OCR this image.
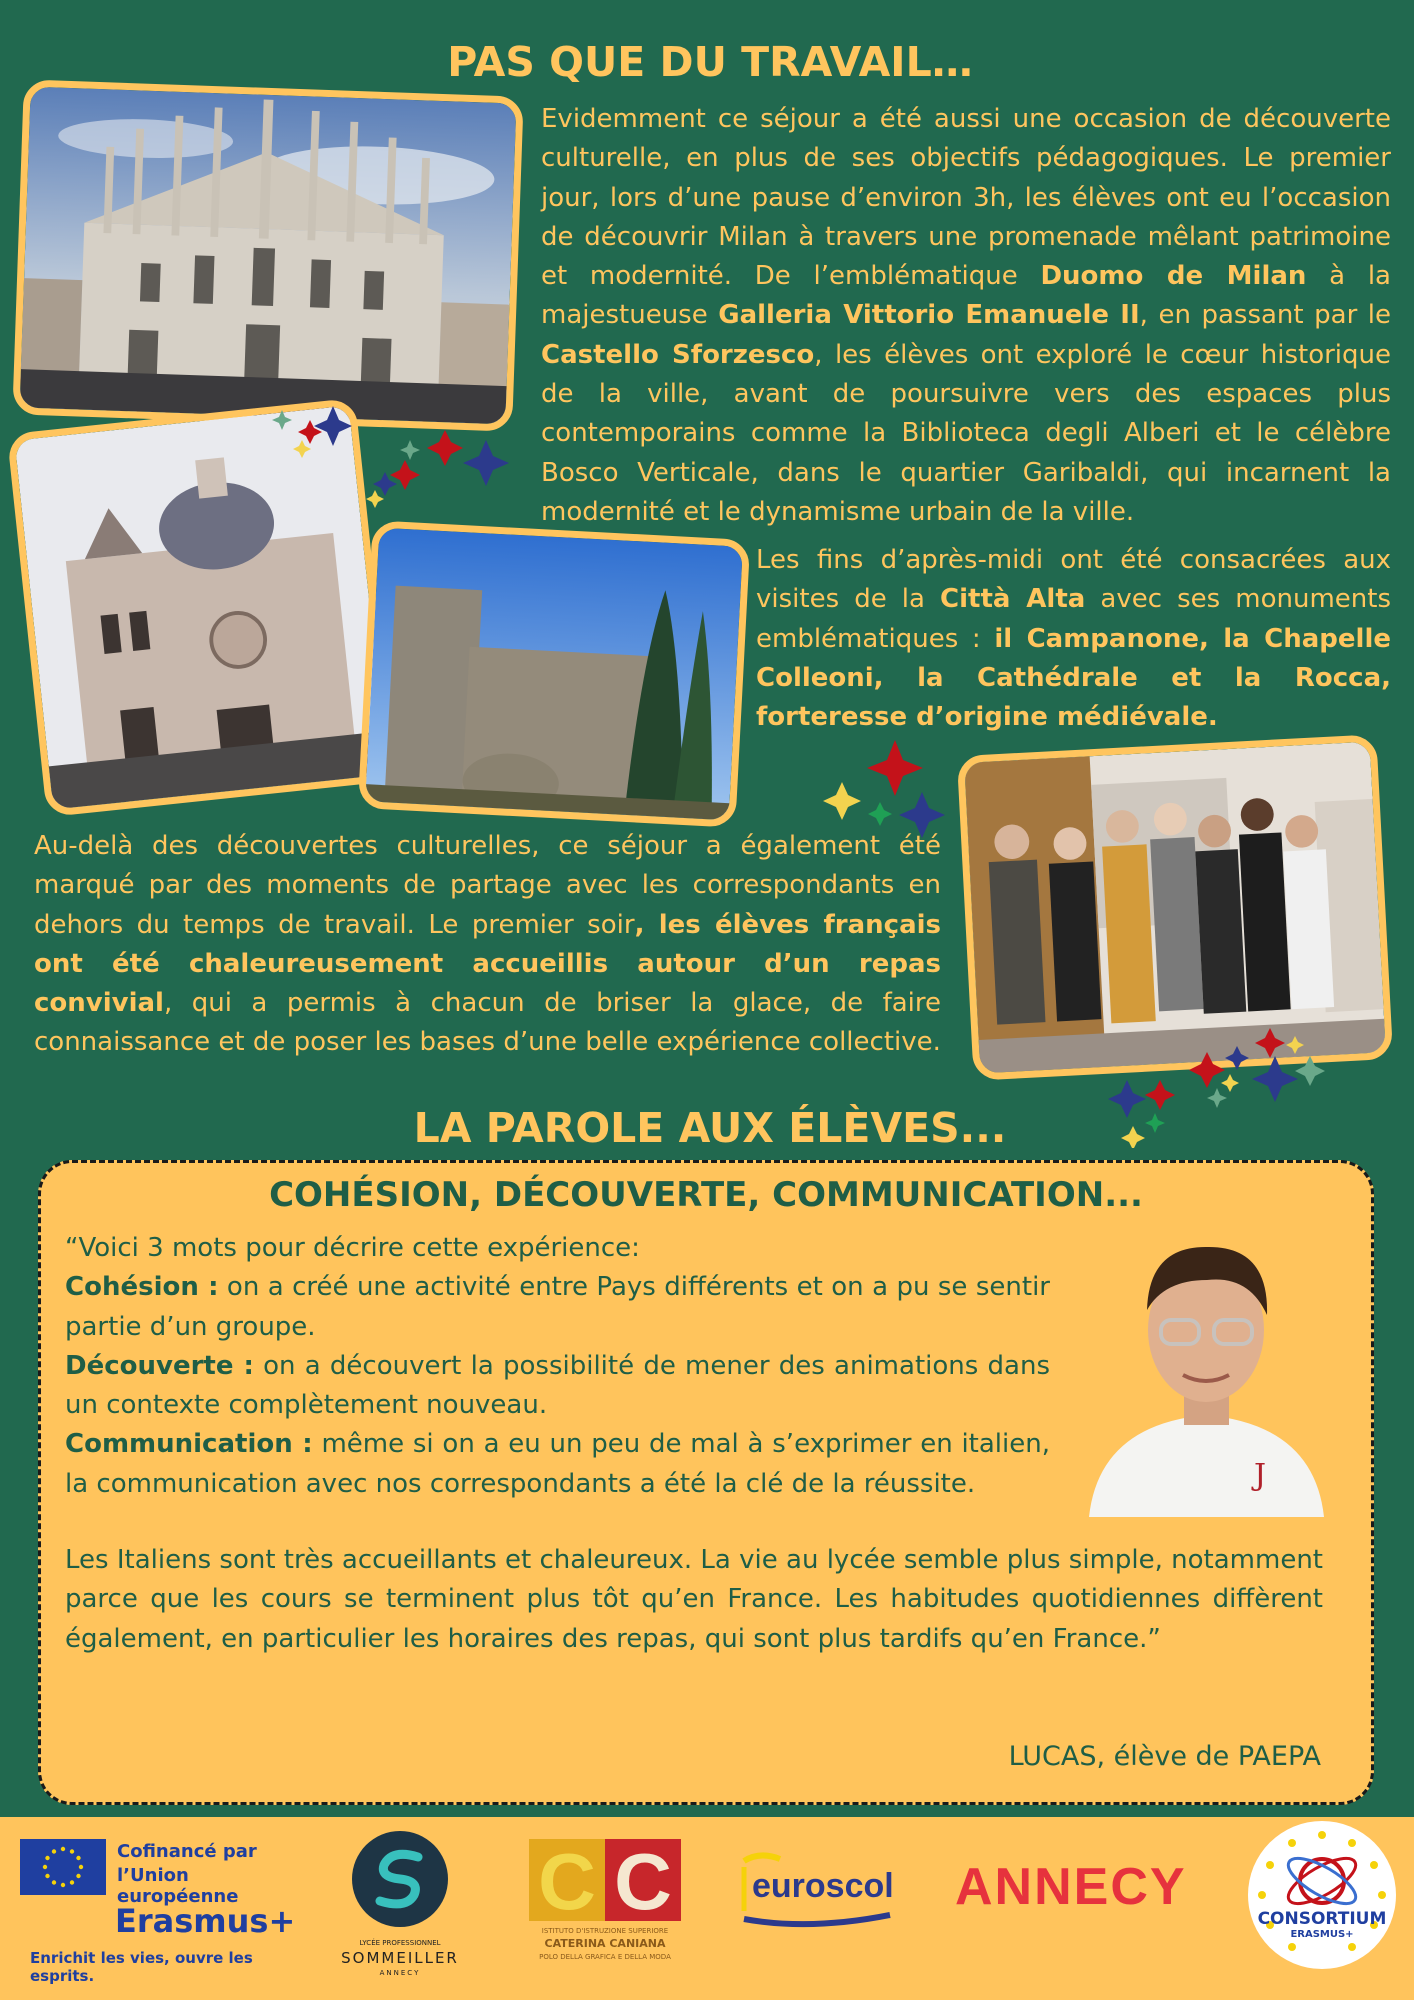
PAS QUE DU TRAVAIL…
Evidemment ce séjour a été aussi une occasion de découverte culturelle, en plus de ses objectifs pédagogiques. Le premier jour, lors d’une pause d’environ 3h, les élèves ont eu l’occasion de découvrir Milan à travers une promenade mêlant patrimoine et modernité. De l’emblématique Duomo de Milan à la majestueuse Galleria Vittorio Emanuele II, en passant par le Castello Sforzesco, les élèves ont exploré le cœur historique de la ville, avant de poursuivre vers des espaces plus contemporains comme la Biblioteca degli Alberi et le célèbre Bosco Verticale, dans le quartier Garibaldi, qui incarnent la modernité et le dynamisme urbain de la ville.
Les fins d’après-midi ont été consacrées aux visites de la Città Alta avec ses monuments emblématiques : il Campanone, la Chapelle Colleoni, la Cathédrale et la Rocca, forteresse d’origine médiévale.
Au-delà des découvertes culturelles, ce séjour a également été marqué par des moments de partage avec les correspondants en dehors du temps de travail. Le premier soir, les élèves français ont été chaleureusement accueillis autour d’un repas convivial, qui a permis à chacun de briser la glace, de faire connaissance et de poser les bases d’une belle expérience collective.
LA PAROLE AUX ÉLÈVES...
COHÉSION, DÉCOUVERTE, COMMUNICATION...
“Voici 3 mots pour décrire cette expérience:
Cohésion : on a créé une activité entre Pays différents et on a pu se sentir partie d’un groupe.
Découverte : on a découvert la possibilité de mener des animations dans un contexte complètement nouveau.
Communication : même si on a eu un peu de mal à s’exprimer en italien, la communication avec nos correspondants a été la clé de la réussite.
Les Italiens sont très accueillants et chaleureux. La vie au lycée semble plus simple, notamment parce que les cours se terminent plus tôt qu’en France. Les habitudes quotidiennes diffèrent également, en particulier les horaires des repas, qui sont plus tardifs qu’en France.”
LUCAS, élève de PAEPA
J
Cofinancé par
l’Union européenne
Erasmus+
Enrichit les vies, ouvre les esprits.
LYCÉE PROFESSIONNEL
SOMMEILLER
ANNECY
C C
ISTITUTO D'ISTRUZIONE SUPERIORE
CATERINA CANIANA
POLO DELLA GRAFICA E DELLA MODA
euroscol ANNECY
CONSORTIUM
ERASMUS+
